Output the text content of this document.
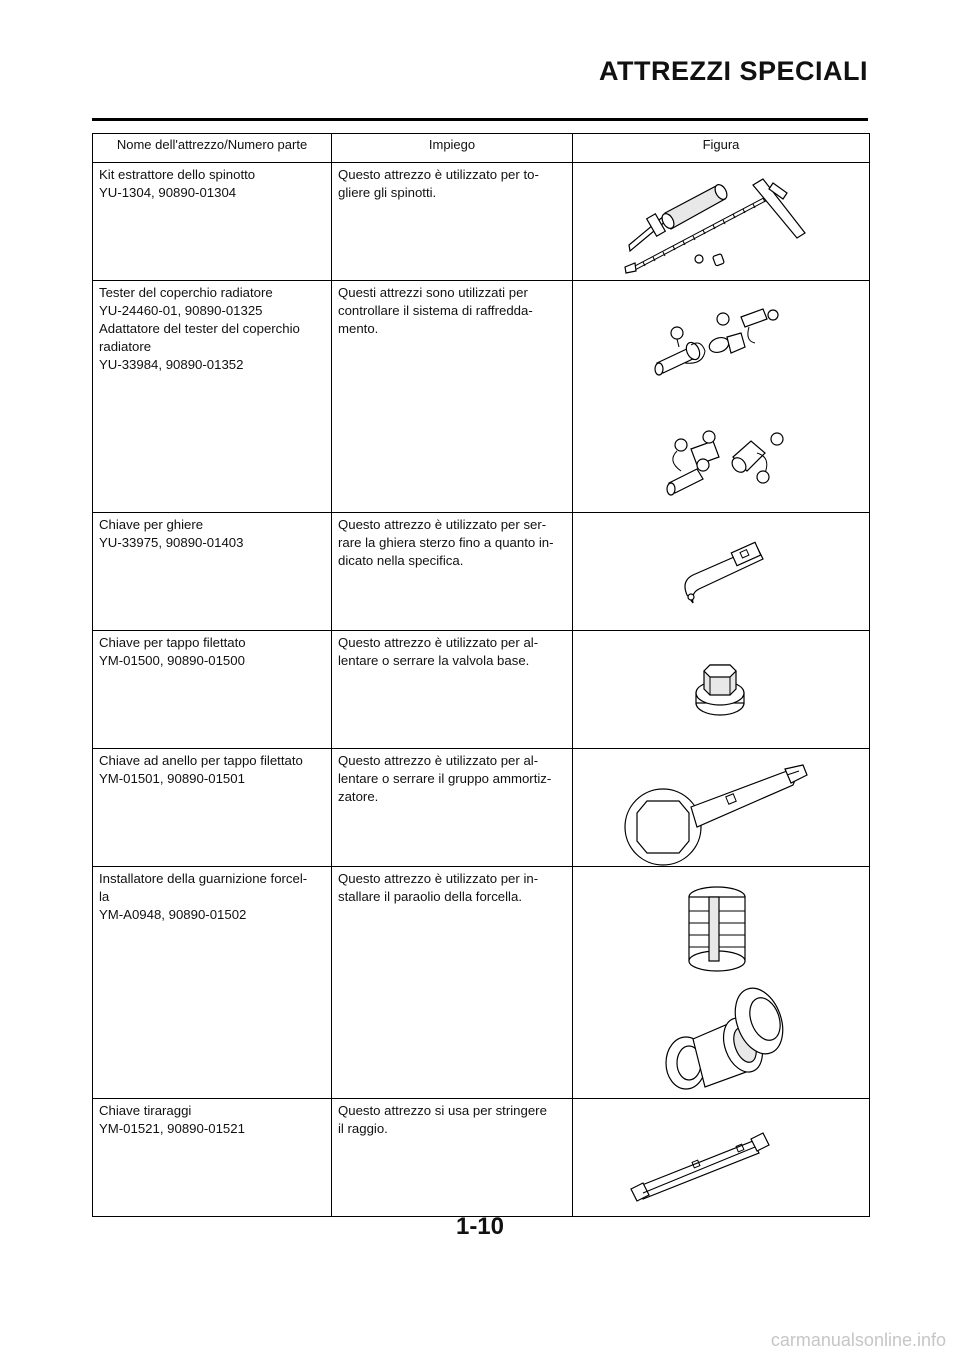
ATTREZZI SPECIALI
Nome dell'attrezzo/Numero parte	Impiego	Figura

Kit estrattore dello spinotto
YU-1304, 90890-01304	Questo attrezzo è utilizzato per to-
gliere gli spinotti.

Tester del coperchio radiatore
YU-24460-01, 90890-01325
Adattatore del tester del coperchio
radiatore
YU-33984, 90890-01352	Questi attrezzi sono utilizzati per
controllare il sistema di raffredda-
mento.

Chiave per ghiere
YU-33975, 90890-01403	Questo attrezzo è utilizzato per ser-
rare la ghiera sterzo fino a quanto in-
dicato nella specifica.

Chiave per tappo filettato
YM-01500, 90890-01500	Questo attrezzo è utilizzato per al-
lentare o serrare la valvola base.

Chiave ad anello per tappo filettato
YM-01501, 90890-01501	Questo attrezzo è utilizzato per al-
lentare o serrare il gruppo ammortiz-
zatore.

Installatore della guarnizione forcel-
la
YM-A0948, 90890-01502	Questo attrezzo è utilizzato per in-
stallare il paraolio della forcella.

Chiave tiraraggi
YM-01521, 90890-01521	Questo attrezzo si usa per stringere
il raggio.

1-10
carmanualsonline.info
